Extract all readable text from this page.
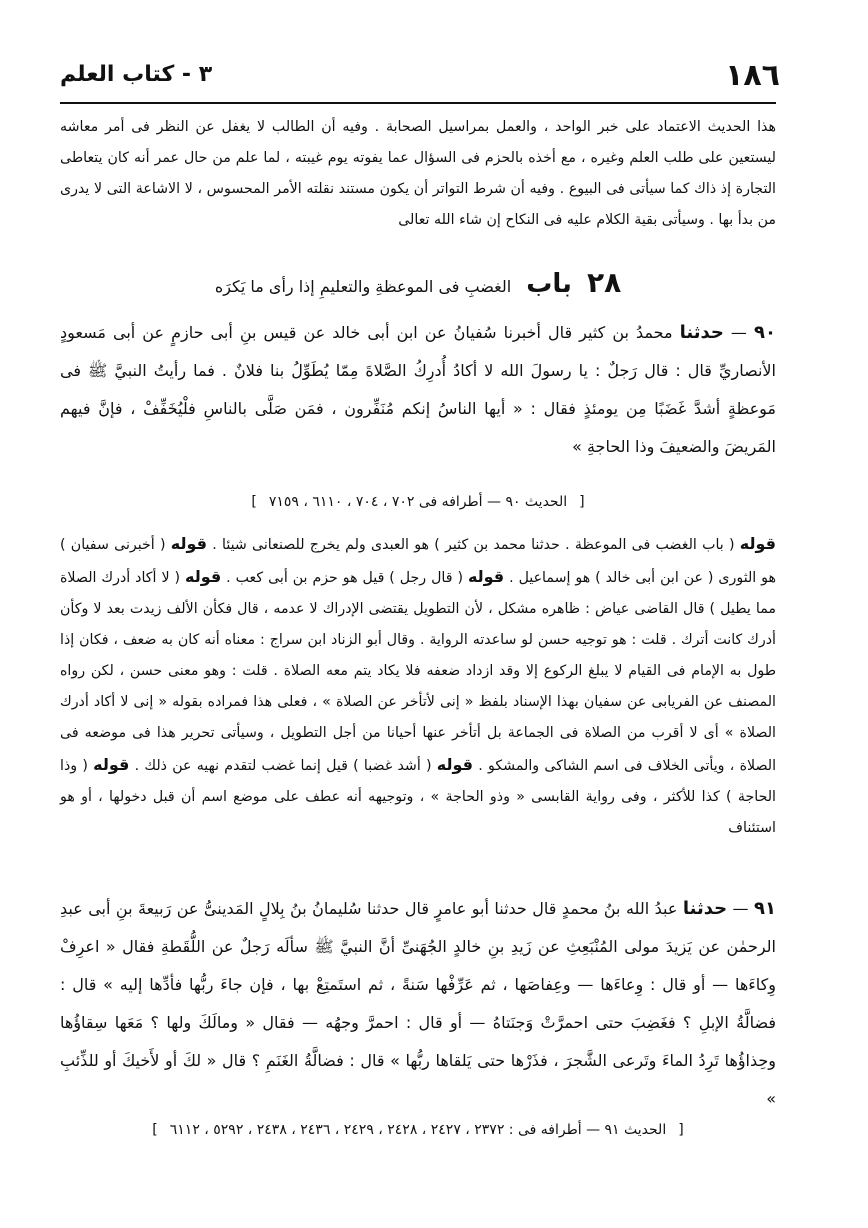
١٨٦
٣ - كتاب العلم
هذا الحديث الاعتماد على خبر الواحد ، والعمل بمراسيل الصحابة . وفيه أن الطالب لا يغفل عن النظر فى أمر معاشه ليستعين على طلب العلم وغيره ، مع أخذه بالحزم فى السؤال عما يفوته يوم غيبته ، لما علم من حال عمر أنه كان يتعاطى التجارة إذ ذاك كما سيأتى فى البيوع . وفيه أن شرط التواتر أن يكون مستند نقلته الأمر المحسوس ، لا الاشاعة التى لا يدرى من بدأ بها . وسيأتى بقية الكلام عليه فى النكاح إن شاء الله تعالى
٢٨ باب الغضبِ فى الموعظةِ والتعليمِ إذا رأى ما يَكرَه
٩٠ — حدثنا محمدُ بن كثير قال أخبرنا سُفيانُ عن ابن أبى خالد عن قيس بنِ أبى حازمٍ عن أبى مَسعودٍ الأنصاريِّ قال : قال رَجلٌ : يا رسولَ الله لا أكادُ أُدرِكُ الصَّلاةَ مِمّا يُطَوِّلُ بنا فلانٌ . فما رأيتُ النبيَّ ﷺ فى مَوعظةٍ أشدَّ غَضَبًا مِن يومئذٍ فقال : « أيها الناسُ إنكم مُنَفِّرون ، فمَن صَلَّى بالناسِ فلْيُخَفِّفْ ، فإنَّ فيهم المَريضَ والضعيفَ وذا الحاجةِ »
[الحديث ٩٠ — أطرافه فى ٧٠٢ ، ٧٠٤ ، ٦١١٠ ، ٧١٥٩]
قوله ( باب الغضب فى الموعظة . حدثنا محمد بن كثير ) هو العبدى ولم يخرج للصنعانى شيئا . قوله ( أخبرنى سفيان ) هو الثورى ( عن ابن أبى خالد ) هو إسماعيل . قوله ( قال رجل ) قيل هو حزم بن أبى كعب . قوله ( لا أكاد أدرك الصلاة مما يطيل ) قال القاضى عياض : ظاهره مشكل ، لأن التطويل يقتضى الإدراك لا عدمه ، قال فكأن الألف زيدت بعد لا وكأن أدرك كانت أترك . قلت : هو توجيه حسن لو ساعدته الرواية . وقال أبو الزناد ابن سراج : معناه أنه كان به ضعف ، فكان إذا طول به الإمام فى القيام لا يبلغ الركوع إلا وقد ازداد ضعفه فلا يكاد يتم معه الصلاة . قلت : وهو معنى حسن ، لكن رواه المصنف عن الفريابى عن سفيان بهذا الإسناد بلفظ « إنى لأتأخر عن الصلاة » ، فعلى هذا فمراده بقوله « إنى لا أكاد أدرك الصلاة » أى لا أقرب من الصلاة فى الجماعة بل أتأخر عنها أحيانا من أجل التطويل ، وسيأتى تحرير هذا فى موضعه فى الصلاة ، ويأتى الخلاف فى اسم الشاكى والمشكو . قوله ( أشد غضبا ) قيل إنما غضب لتقدم نهيه عن ذلك . قوله ( وذا الحاجة ) كذا للأكثر ، وفى رواية القابسى « وذو الحاجة » ، وتوجيهه أنه عطف على موضع اسم أن قبل دخولها ، أو هو استئناف
٩١ — حدثنا عبدُ الله بنُ محمدٍ قال حدثنا أبو عامرٍ قال حدثنا سُليمانُ بنُ بِلالٍ المَدينىُّ عن رَبيعةَ بنِ أبى عبدِ الرحمٰن عن يَزيدَ مولى المُنْبَعِثِ عن زَيدِ بنِ خالدٍ الجُهَنىِّ أنَّ النبيَّ ﷺ سألَه رَجلٌ عن اللُّقَطةِ فقال « اعرِفْ وِكاءَها — أو قال : وِعاءَها — وعِفاصَها ، ثم عَرِّفْها سَنةً ، ثم استَمتِعْ بها ، فإن جاءَ ربُّها فأدِّها إليه » قال : فضالَّةُ الإبلِ ؟ فغَضِبَ حتى احمرَّتْ وَجنَتاهُ — أو قال : احمرَّ وجهُه — فقال « ومالَكَ ولها ؟ مَعَها سِقاؤُها وحِذاؤُها تَرِدُ الماءَ وتَرعى الشَّجرَ ، فذَرْها حتى يَلقاها ربُّها » قال : فضالَّةُ الغَنَمِ ؟ قال « لكَ أو لأَخيكَ أو للذِّئبِ »
[الحديث ٩١ — أطرافه فى : ٢٣٧٢ ، ٢٤٢٧ ، ٢٤٢٨ ، ٢٤٢٩ ، ٢٤٣٦ ، ٢٤٣٨ ، ٥٢٩٢ ، ٦١١٢]
